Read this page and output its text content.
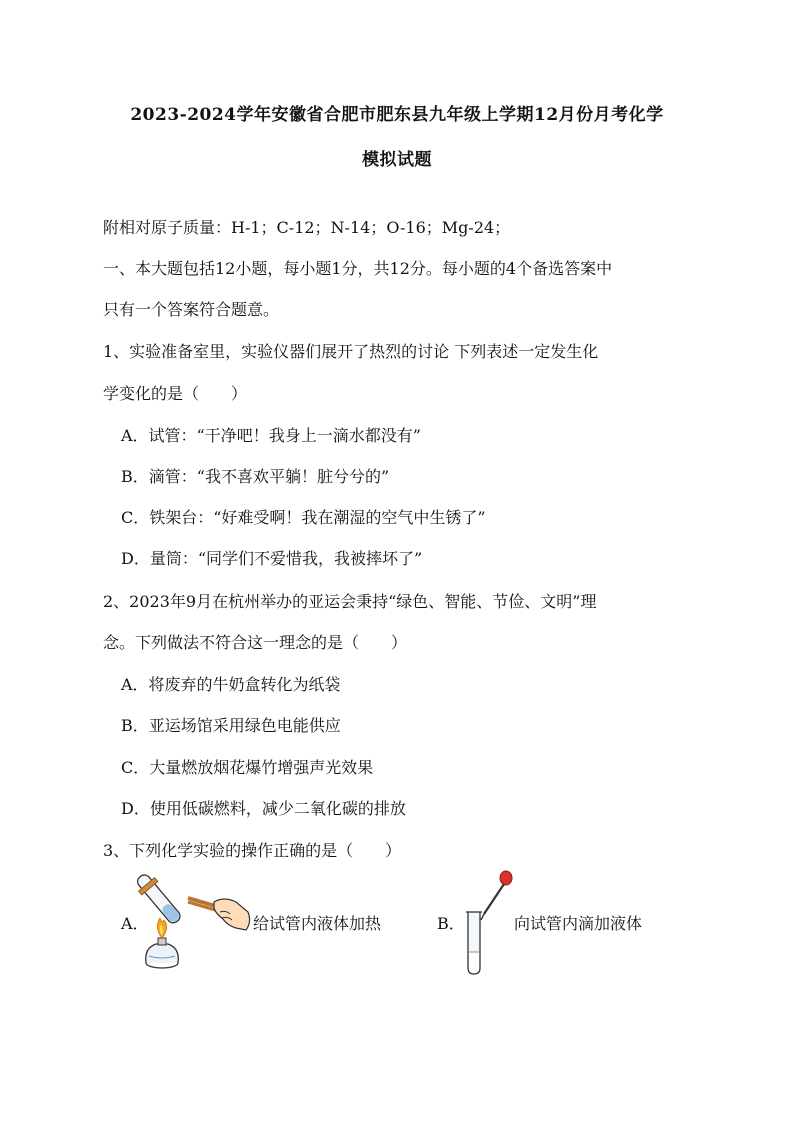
2023-2024学年安徽省合肥市肥东县九年级上学期12月份月考化学
模拟试题
附相对原子质量：H-1；C-12；N-14；O-16；Mg-24；
一、本大题包括12小题，每小题1分，共12分。每小题的4个备选答案中
只有一个答案符合题意。
1、实验准备室里，实验仪器们展开了热烈的讨论 下列表述一定发生化
学变化的是（　　）
A．试管：“干净吧！我身上一滴水都没有”
B．滴管：“我不喜欢平躺！脏兮兮的”
C．铁架台：“好难受啊！我在潮湿的空气中生锈了”
D．量筒：“同学们不爱惜我，我被摔坏了”
2、2023年9月在杭州举办的亚运会秉持“绿色、智能、节俭、文明”理
念。下列做法不符合这一理念的是（　　）
A．将废弃的牛奶盒转化为纸袋
B．亚运场馆采用绿色电能供应
C．大量燃放烟花爆竹增强声光效果
D．使用低碳燃料，减少二氧化碳的排放
3、下列化学实验的操作正确的是（　　）
A．	给试管内液体加热	B．	向试管内滴加液体
